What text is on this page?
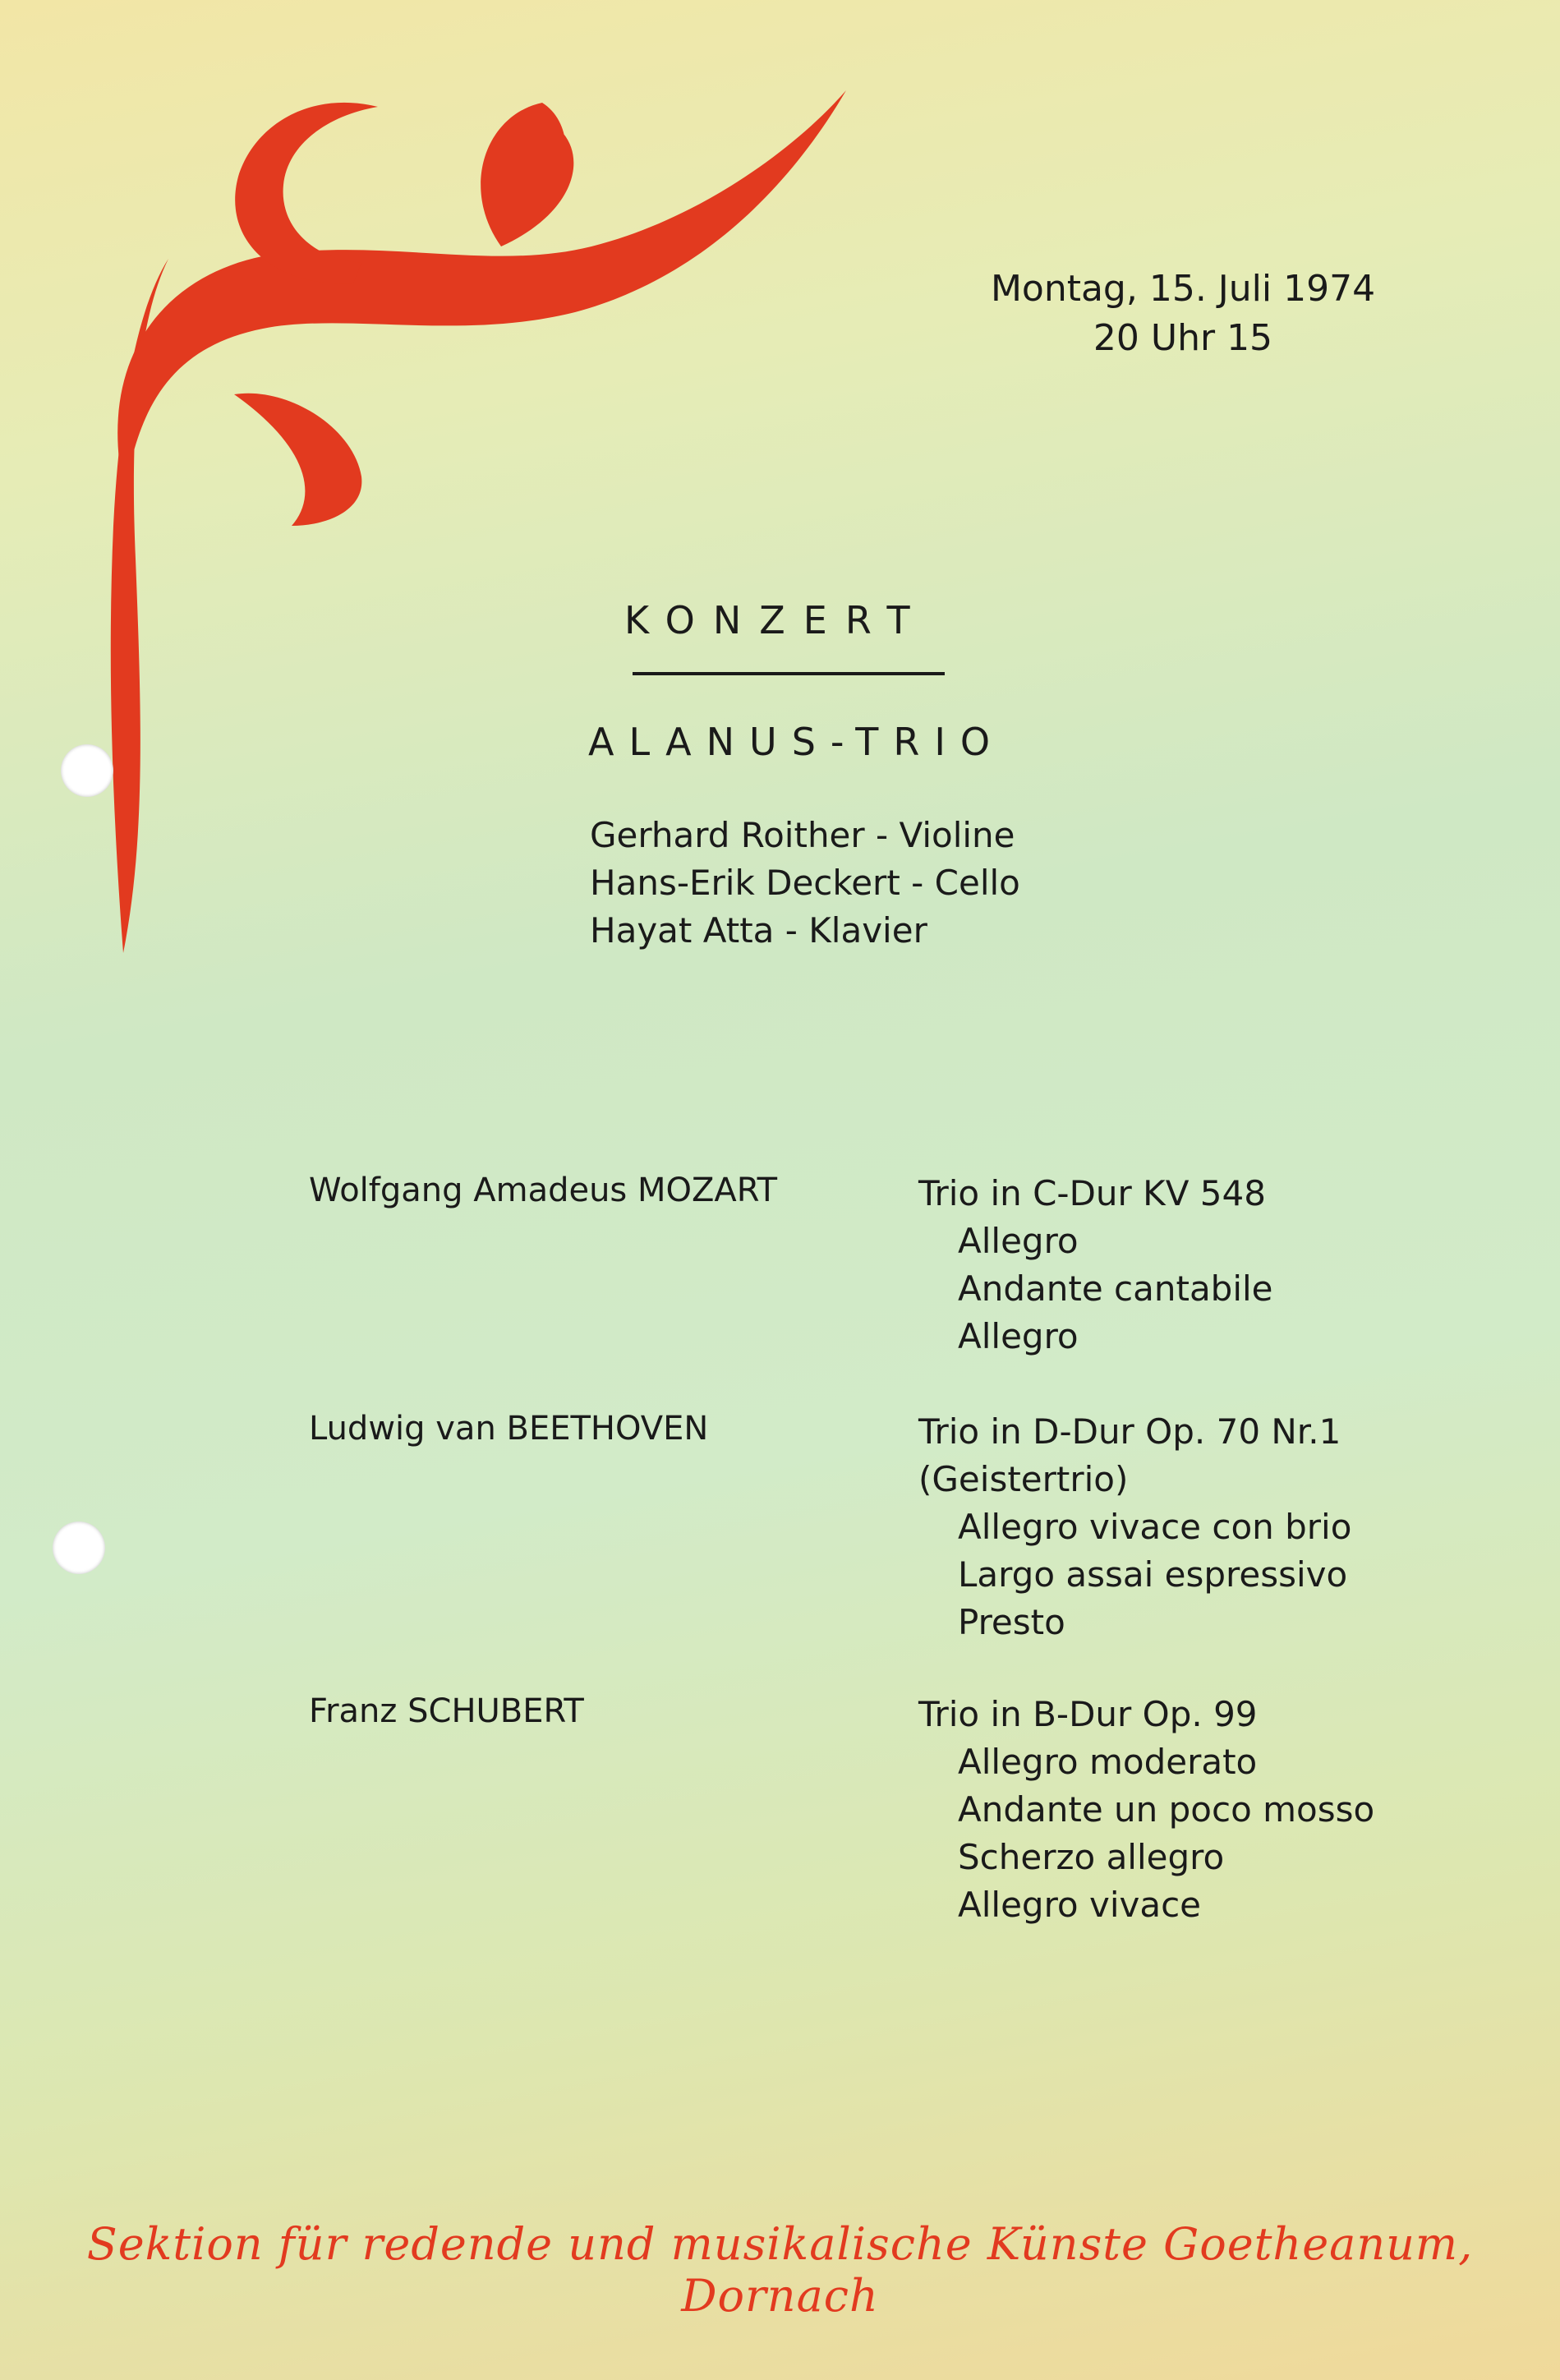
Montag, 15. Juli 1974
20 Uhr 15
KONZERT
ALANUS-TRIO
Gerhard Roither - Violine
Hans-Erik Deckert - Cello
Hayat Atta - Klavier
Wolfgang Amadeus MOZART	Trio in C-Dur KV 548
Allegro
Andante cantabile
Allegro
Ludwig van BEETHOVEN	Trio in D-Dur Op. 70 Nr.1
(Geistertrio)
Allegro vivace con brio
Largo assai espressivo
Presto
Franz SCHUBERT	Trio in B-Dur Op. 99
Allegro moderato
Andante un poco mosso
Scherzo allegro
Allegro vivace
Sektion für redende und musikalische Künste Goetheanum, Dornach
